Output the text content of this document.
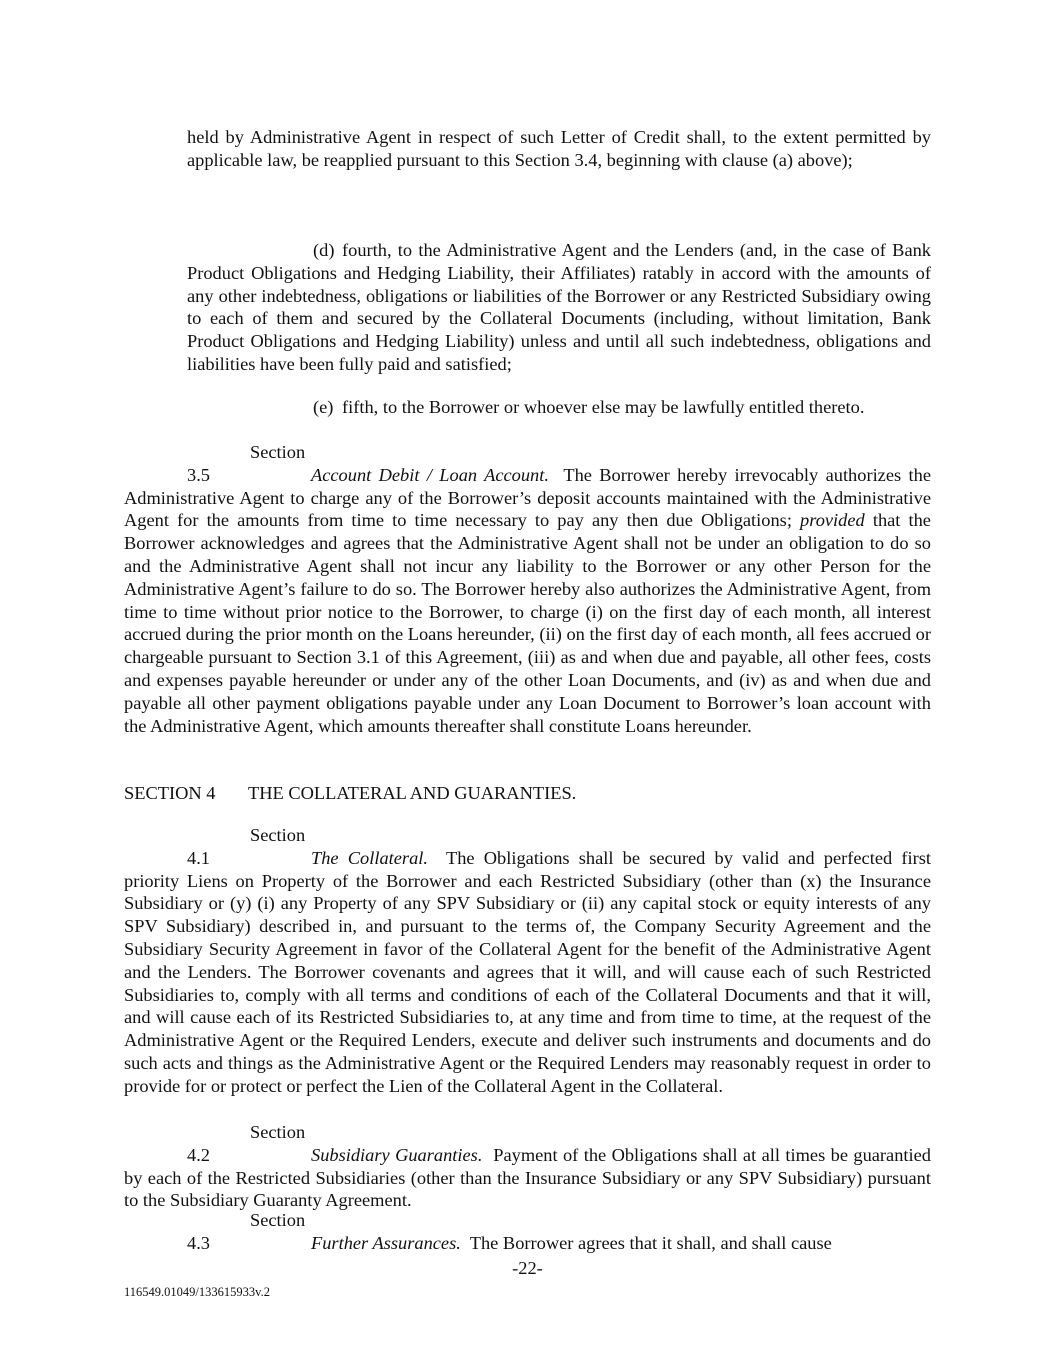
held by Administrative Agent in respect of such Letter of Credit shall, to the extent permitted by applicable law, be reapplied pursuant to this Section 3.4, beginning with clause (a) above);

(d) fourth, to the Administrative Agent and the Lenders (and, in the case of Bank Product Obligations and Hedging Liability, their Affiliates) ratably in accord with the amounts of any other indebtedness, obligations or liabilities of the Borrower or any Restricted Subsidiary owing to each of them and secured by the Collateral Documents (including, without limitation, Bank Product Obligations and Hedging Liability) unless and until all such indebtedness, obligations and liabilities have been fully paid and satisfied;

(e) fifth, to the Borrower or whoever else may be lawfully entitled thereto.

Section 3.5	Account Debit / Loan Account. The Borrower hereby irrevocably authorizes the Administrative Agent to charge any of the Borrower’s deposit accounts maintained with the Administrative Agent for the amounts from time to time necessary to pay any then due Obligations; provided that the Borrower acknowledges and agrees that the Administrative Agent shall not be under an obligation to do so and the Administrative Agent shall not incur any liability to the Borrower or any other Person for the Administrative Agent’s failure to do so. The Borrower hereby also authorizes the Administrative Agent, from time to time without prior notice to the Borrower, to charge (i) on the first day of each month, all interest accrued during the prior month on the Loans hereunder, (ii) on the first day of each month, all fees accrued or chargeable pursuant to Section 3.1 of this Agreement, (iii) as and when due and payable, all other fees, costs and expenses payable hereunder or under any of the other Loan Documents, and (iv) as and when due and payable all other payment obligations payable under any Loan Document to Borrower’s loan account with the Administrative Agent, which amounts thereafter shall constitute Loans hereunder.

SECTION 4 THE COLLATERAL AND GUARANTIES.

Section 4.1	The Collateral. The Obligations shall be secured by valid and perfected first priority Liens on Property of the Borrower and each Restricted Subsidiary (other than (x) the Insurance Subsidiary or (y) (i) any Property of any SPV Subsidiary or (ii) any capital stock or equity interests of any SPV Subsidiary) described in, and pursuant to the terms of, the Company Security Agreement and the Subsidiary Security Agreement in favor of the Collateral Agent for the benefit of the Administrative Agent and the Lenders. The Borrower covenants and agrees that it will, and will cause each of such Restricted Subsidiaries to, comply with all terms and conditions of each of the Collateral Documents and that it will, and will cause each of its Restricted Subsidiaries to, at any time and from time to time, at the request of the Administrative Agent or the Required Lenders, execute and deliver such instruments and documents and do such acts and things as the Administrative Agent or the Required Lenders may reasonably request in order to provide for or protect or perfect the Lien of the Collateral Agent in the Collateral.

Section 4.2	Subsidiary Guaranties. Payment of the Obligations shall at all times be guarantied by each of the Restricted Subsidiaries (other than the Insurance Subsidiary or any SPV Subsidiary) pursuant to the Subsidiary Guaranty Agreement.

Section 4.3	Further Assurances. The Borrower agrees that it shall, and shall cause

-22-
116549.01049/133615933v.2
